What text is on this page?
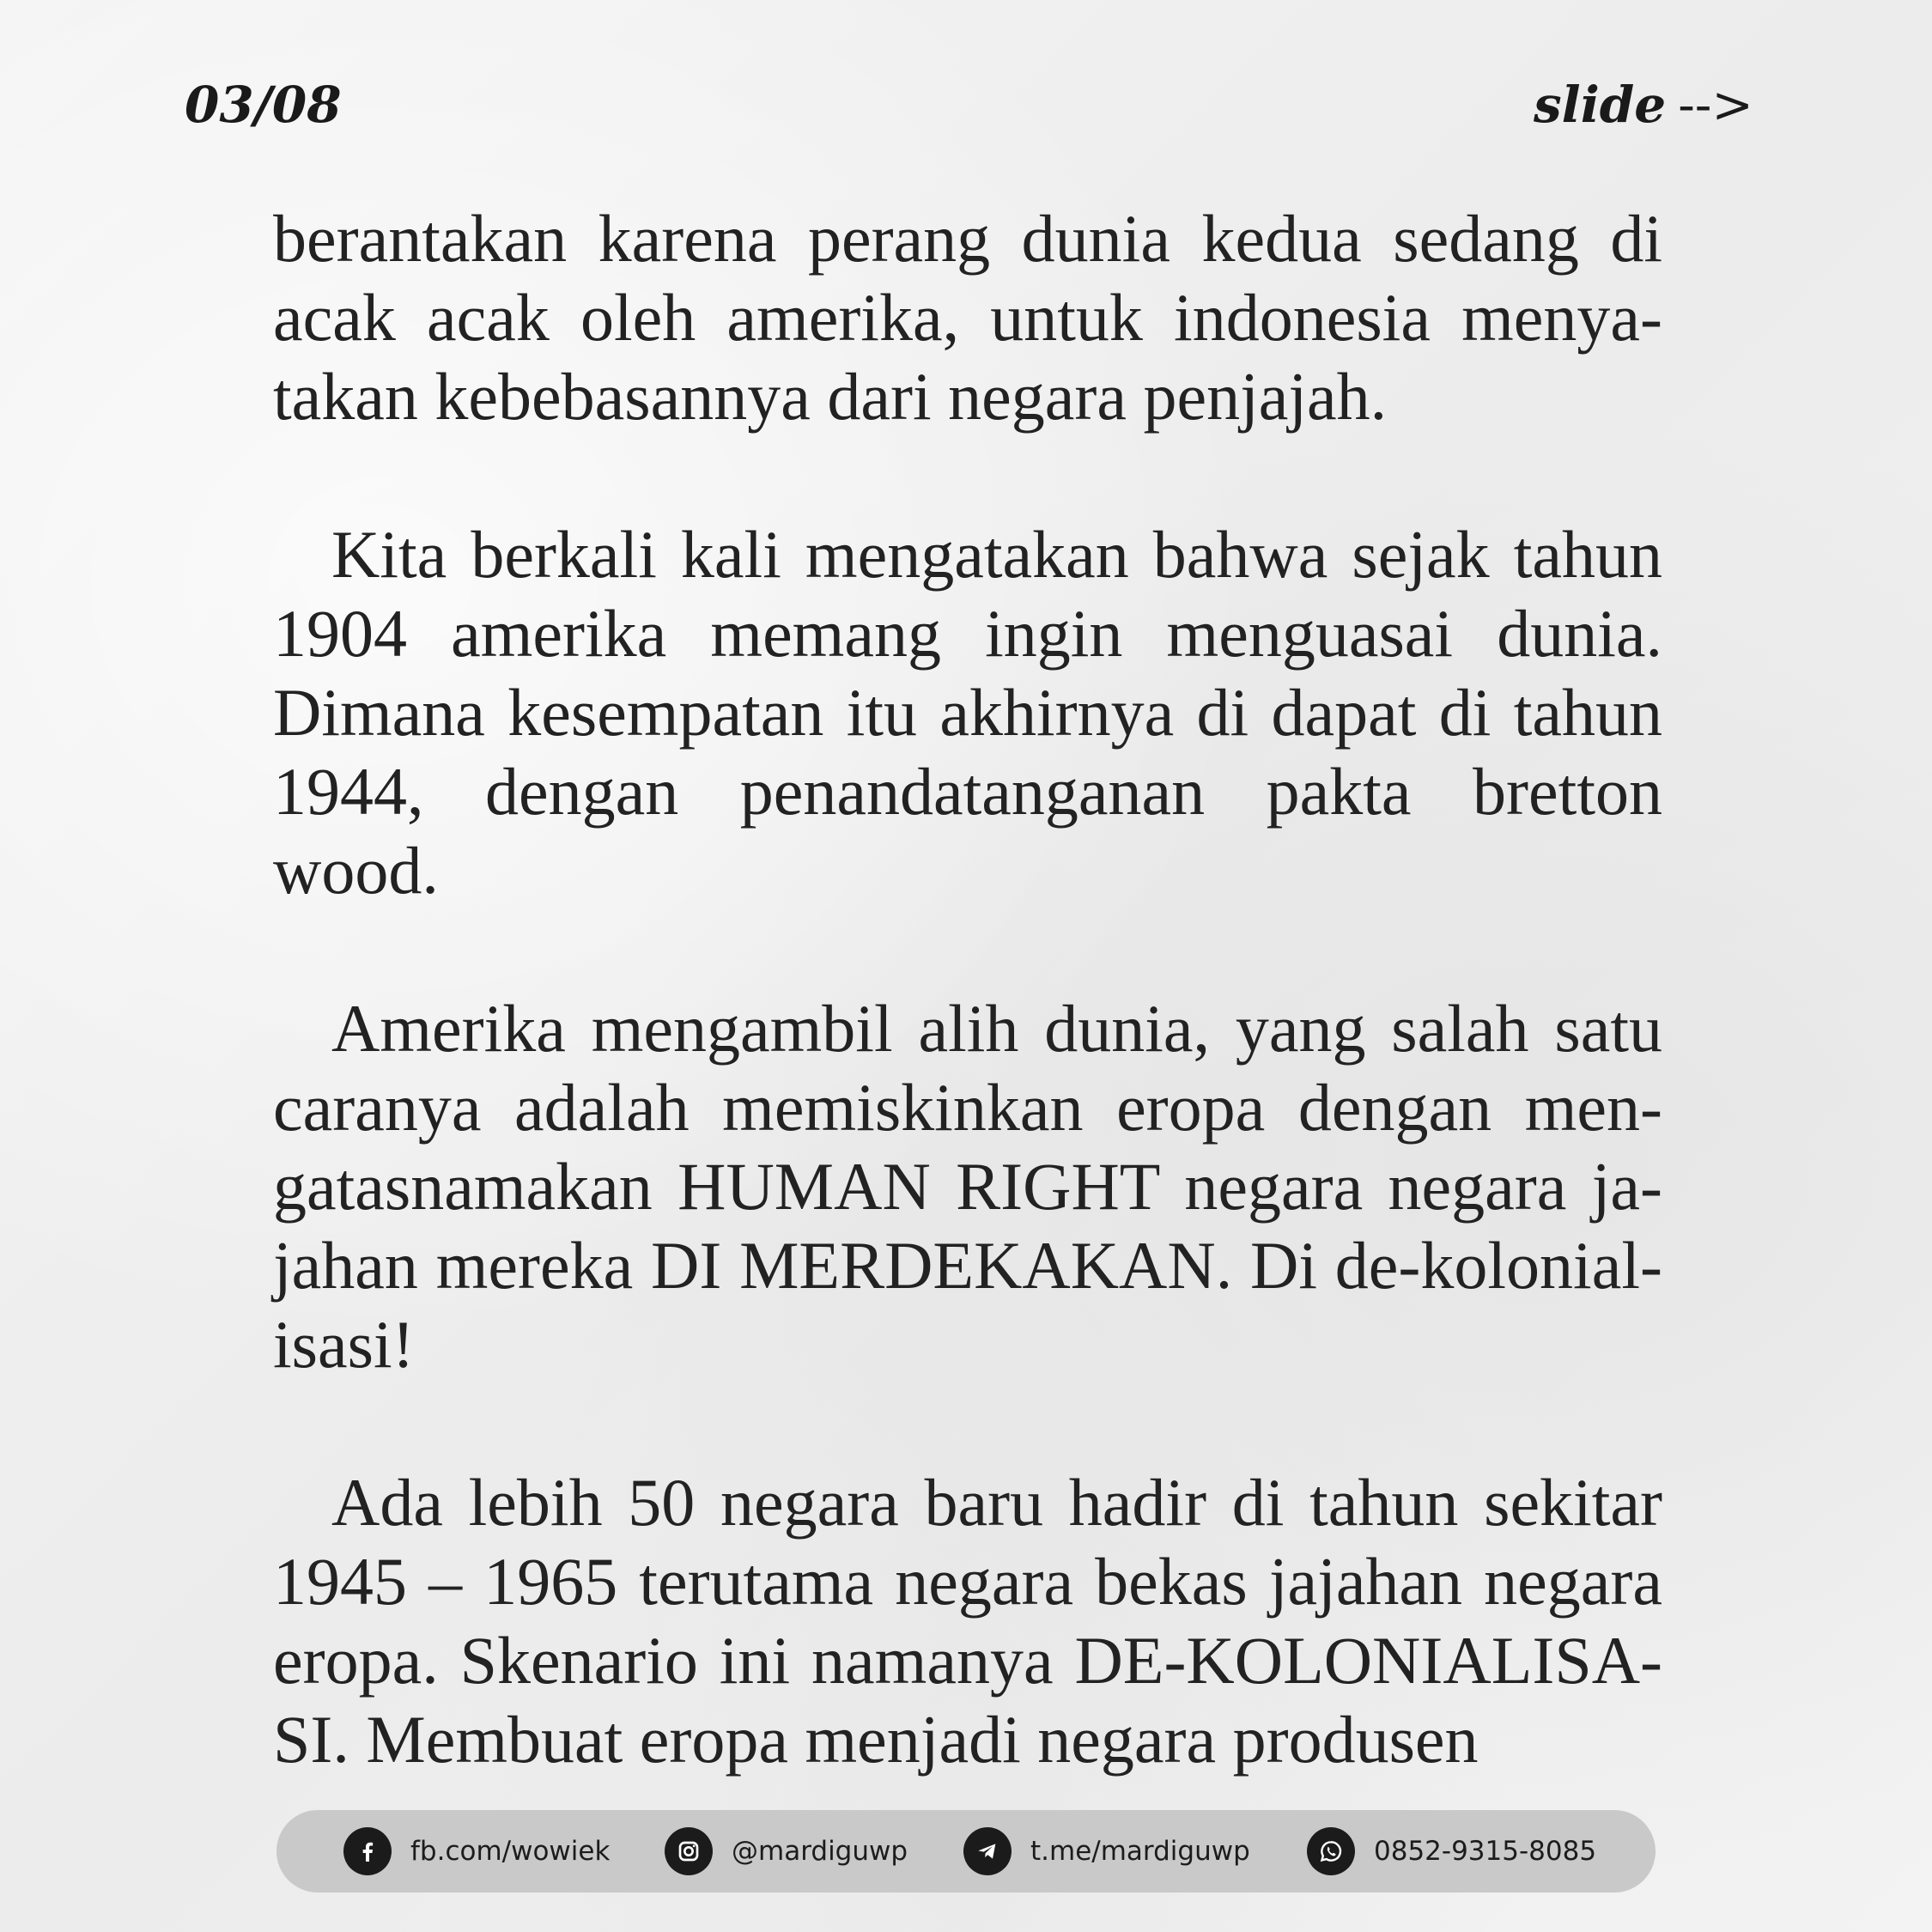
03/08	slide -->

berantakan karena perang dunia kedua sedang di acak acak oleh amerika, untuk indonesia menya-takan kebebasannya dari negara penjajah.

Kita berkali kali mengatakan bahwa sejak tahun 1904 amerika memang ingin menguasai dunia. Dimana kesempatan itu akhirnya di dapat di tahun 1944, dengan penandatanganan pakta bretton wood.

Amerika mengambil alih dunia, yang salah satu caranya adalah memiskinkan eropa dengan men-gatasnamakan HUMAN RIGHT negara negara ja-jahan mereka DI MERDEKAKAN. Di de-kolonial-isasi!

Ada lebih 50 negara baru hadir di tahun sekitar 1945 – 1965 terutama negara bekas jajahan negara eropa. Skenario ini namanya DE-KOLONIALISA-SI. Membuat eropa menjadi negara produsen

fb.com/wowiek	@mardiguwp	t.me/mardiguwp	0852-9315-8085
